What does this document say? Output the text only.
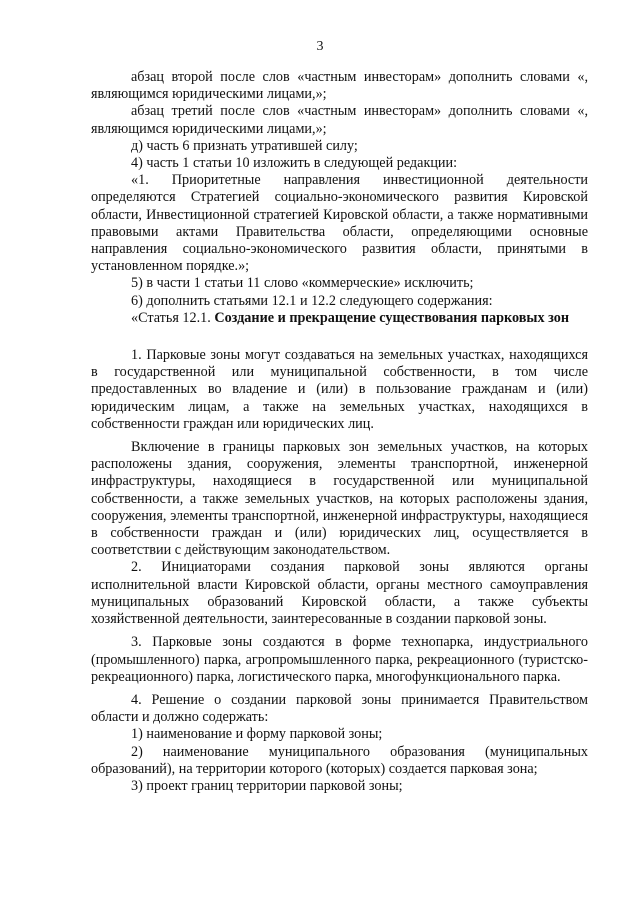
3

абзац второй после слов «частным инвесторам» дополнить словами «, являющимся юридическими лицами,»;

абзац третий после слов «частным инвесторам» дополнить словами «, являющимся юридическими лицами,»;

д) часть 6 признать утратившей силу;

4) часть 1 статьи 10 изложить в следующей редакции:

«1. Приоритетные направления инвестиционной деятельности определяются Стратегией социально-экономического развития Кировской области, Инвестиционной стратегией Кировской области, а также нормативными правовыми актами Правительства области, определяющими основные направления социально-экономического развития области, принятыми в установленном порядке.»;

5) в части 1 статьи 11 слово «коммерческие» исключить;

6) дополнить статьями 12.1 и 12.2 следующего содержания:

«Статья 12.1. Создание и прекращение существования парковых зон

1. Парковые зоны могут создаваться на земельных участках, находящихся в государственной или муниципальной собственности, в том числе предоставленных во владение и (или) в пользование гражданам и (или) юридическим лицам, а также на земельных участках, находящихся в собственности граждан или юридических лиц.

Включение в границы парковых зон земельных участков, на которых расположены здания, сооружения, элементы транспортной, инженерной инфраструктуры, находящиеся в государственной или муниципальной собственности, а также земельных участков, на которых расположены здания, сооружения, элементы транспортной, инженерной инфраструктуры, находящиеся в собственности граждан и (или) юридических лиц, осуществляется в соответствии с действующим законодательством.

2. Инициаторами создания парковой зоны являются органы исполнительной власти Кировской области, органы местного самоуправления муниципальных образований Кировской области, а также субъекты хозяйственной деятельности, заинтересованные в создании парковой зоны.

3. Парковые зоны создаются в форме технопарка, индустриального (промышленного) парка, агропромышленного парка, рекреационного (туристско-рекреационного) парка, логистического парка, многофункционального парка.

4. Решение о создании парковой зоны принимается Правительством области и должно содержать:

1) наименование и форму парковой зоны;

2) наименование муниципального образования (муниципальных образований), на территории которого (которых) создается парковая зона;

3) проект границ территории парковой зоны;
